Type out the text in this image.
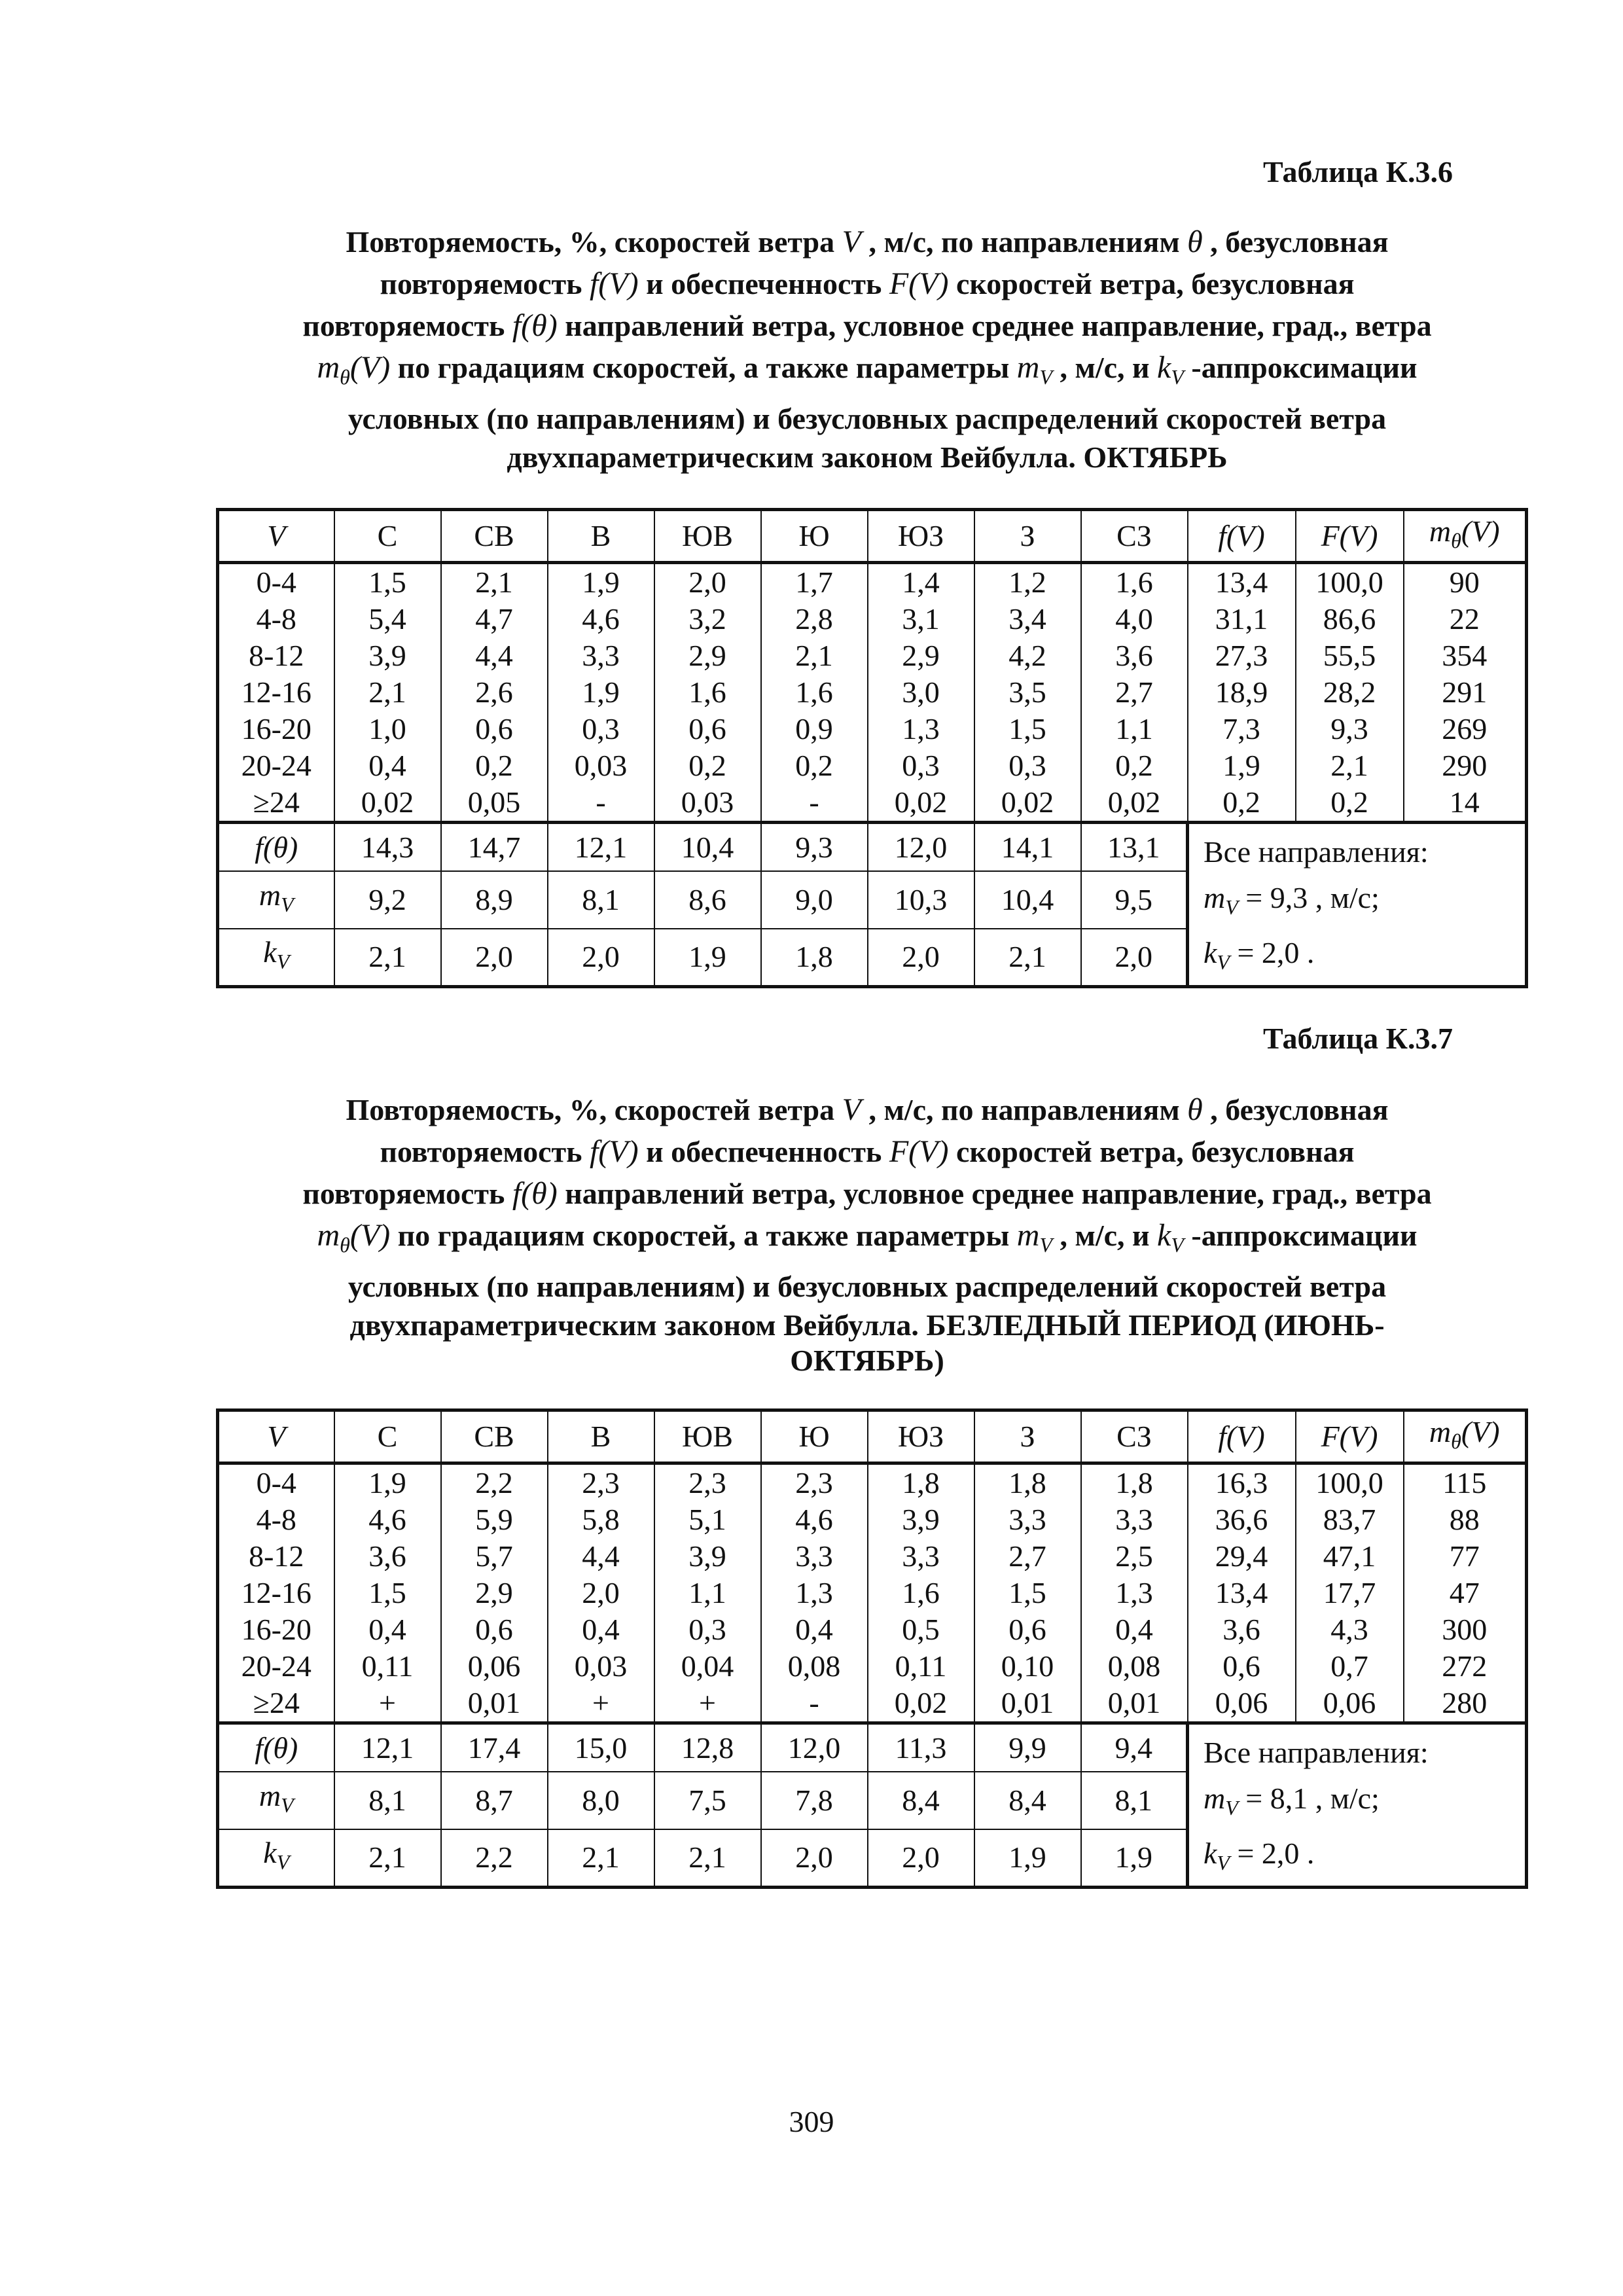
Таблица К.3.6
Повторяемость, %, скоростей ветра V , м/с, по направлениям θ , безусловная
повторяемость f(V) и обеспеченность F(V) скоростей ветра, безусловная
повторяемость f(θ) направлений ветра, условное среднее направление, град., ветра
$m_\theta(V)$ по градациям скоростей, а также параметры $m_V$ , м/с, и $k_V$ -аппроксимации
условных (по направлениям) и безусловных распределений скоростей ветра
двухпараметрическим законом Вейбулла. ОКТЯБРЬ
V	С	СВ	В	ЮВ	Ю	ЮЗ	З	СЗ	f(V)	F(V)	$m_\theta(V)$
0-4	1,5	2,1	1,9	2,0	1,7	1,4	1,2	1,6	13,4	100,0	90
4-8	5,4	4,7	4,6	3,2	2,8	3,1	3,4	4,0	31,1	86,6	22
8-12	3,9	4,4	3,3	2,9	2,1	2,9	4,2	3,6	27,3	55,5	354
12-16	2,1	2,6	1,9	1,6	1,6	3,0	3,5	2,7	18,9	28,2	291
16-20	1,0	0,6	0,3	0,6	0,9	1,3	1,5	1,1	7,3	9,3	269
20-24	0,4	0,2	0,03	0,2	0,2	0,3	0,3	0,2	1,9	2,1	290
≥24	0,02	0,05	-	0,03	-	0,02	0,02	0,02	0,2	0,2	14
f(θ)	14,3	14,7	12,1	10,4	9,3	12,0	14,1	13,1	Все направления:
$m_V = 9,3$ , м/с;
$k_V = 2,0$ .		

$m_V$	9,2	8,9	8,1	8,6	9,0	10,3	10,4	9,5			
$k_V$	2,1	2,0	2,0	1,9	1,8	2,0	2,1	2,0			
Таблица К.3.7
Повторяемость, %, скоростей ветра V , м/с, по направлениям θ , безусловная
повторяемость f(V) и обеспеченность F(V) скоростей ветра, безусловная
повторяемость f(θ) направлений ветра, условное среднее направление, град., ветра
$m_\theta(V)$ по градациям скоростей, а также параметры $m_V$ , м/с, и $k_V$ -аппроксимации
условных (по направлениям) и безусловных распределений скоростей ветра
двухпараметрическим законом Вейбулла. БЕЗЛЕДНЫЙ ПЕРИОД (ИЮНЬ-
ОКТЯБРЬ)
V	С	СВ	В	ЮВ	Ю	ЮЗ	З	СЗ	f(V)	F(V)	$m_\theta(V)$
0-4	1,9	2,2	2,3	2,3	2,3	1,8	1,8	1,8	16,3	100,0	115
4-8	4,6	5,9	5,8	5,1	4,6	3,9	3,3	3,3	36,6	83,7	88
8-12	3,6	5,7	4,4	3,9	3,3	3,3	2,7	2,5	29,4	47,1	77
12-16	1,5	2,9	2,0	1,1	1,3	1,6	1,5	1,3	13,4	17,7	47
16-20	0,4	0,6	0,4	0,3	0,4	0,5	0,6	0,4	3,6	4,3	300
20-24	0,11	0,06	0,03	0,04	0,08	0,11	0,10	0,08	0,6	0,7	272
≥24	+	0,01	+	+	-	0,02	0,01	0,01	0,06	0,06	280
f(θ)	12,1	17,4	15,0	12,8	12,0	11,3	9,9	9,4	Все направления:
$m_V = 8,1$ , м/с;
$k_V = 2,0$ .		

$m_V$	8,1	8,7	8,0	7,5	7,8	8,4	8,4	8,1			
$k_V$	2,1	2,2	2,1	2,1	2,0	2,0	1,9	1,9			
309
